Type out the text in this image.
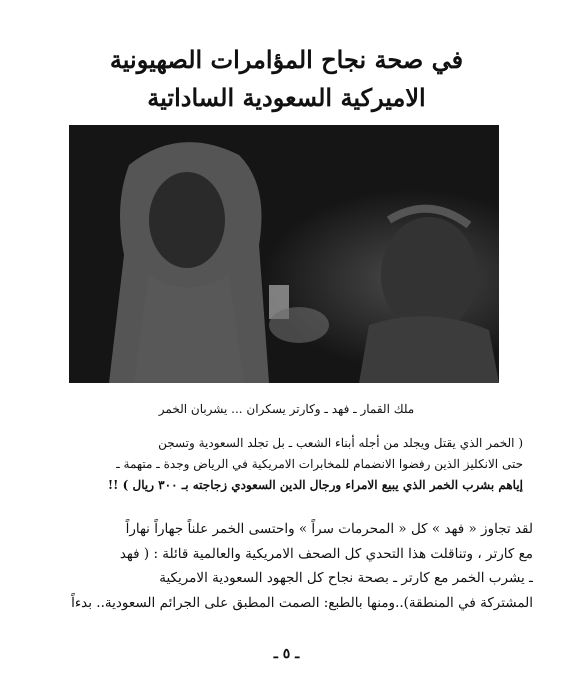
في صحة نجاح المؤامرات الصهيونية
الاميركية السعودية الساداتية
ملك القمار ـ فهد ـ وكارتر يسكران ... يشربان الخمر

( الخمر الذي يقتل ويجلد من أجله أبناء الشعب ـ بل تجلد السعودية وتسجن

حتى الانكليز الذين رفضوا الانضمام للمخابرات الامريكية في الرياض وجدة ـ متهمة ـ

إياهم بشرب الخمر الذي يبيع الامراء ورجال الدين السعودي زجاجته بـ ٣٠٠ ريال ) !!

لقد تجاوز « فهد » كل « المحرمات سراً » واحتسى الخمر علناً جهاراً نهاراً

مع كارتر ، وتناقلت هذا التحدي كل الصحف الامريكية والعالمية قائلة : ( فهد

ـ يشرب الخمر مع كارتر ـ بصحة نجاح كل الجهود السعودية الامريكية

المشتركة في المنطقة)..ومنها بالطبع: الصمت المطبق على الجرائم السعودية.. بدءاً

ـ ٥ ـ
